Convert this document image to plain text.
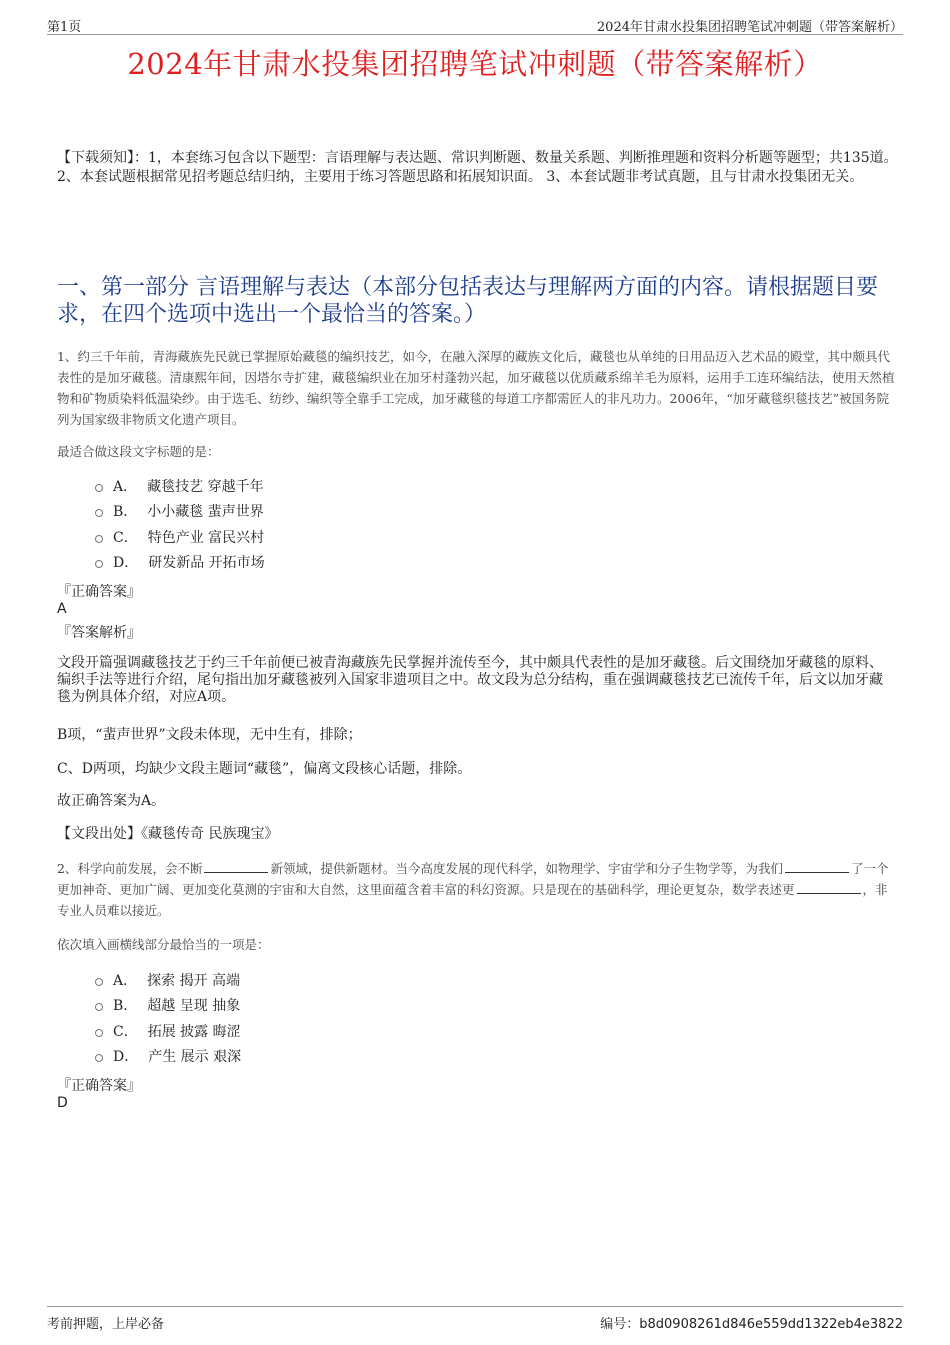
第1页	2024年甘肃水投集团招聘笔试冲刺题（带答案解析）
2024年甘肃水投集团招聘笔试冲刺题（带答案解析）
【下载须知】：1，本套练习包含以下题型：言语理解与表达题、常识判断题、数量关系题、判断推理题和资料分析题等题型；共135道。 2、本套试题根据常见招考题总结归纳，主要用于练习答题思路和拓展知识面。 3、本套试题非考试真题，且与甘肃水投集团无关。
一、第一部分 言语理解与表达（本部分包括表达与理解两方面的内容。请根据题目要求，在四个选项中选出一个最恰当的答案。）
1、约三千年前，青海藏族先民就已掌握原始藏毯的编织技艺，如今，在融入深厚的藏族文化后，藏毯也从单纯的日用品迈入艺术品的殿堂，其中颇具代表性的是加牙藏毯。清康熙年间，因塔尔寺扩建，藏毯编织业在加牙村蓬勃兴起，加牙藏毯以优质藏系绵羊毛为原料，运用手工连环编结法，使用天然植物和矿物质染料低温染纱。由于选毛、纺纱、编织等全靠手工完成，加牙藏毯的每道工序都需匠人的非凡功力。2006年，“加牙藏毯织毯技艺”被国务院列为国家级非物质文化遗产项目。
最适合做这段文字标题的是：
A． 藏毯技艺 穿越千年
B． 小小藏毯 蜚声世界
C． 特色产业 富民兴村
D． 研发新品 开拓市场
『正确答案』
A
『答案解析』
文段开篇强调藏毯技艺于约三千年前便已被青海藏族先民掌握并流传至今，其中颇具代表性的是加牙藏毯。后文围绕加牙藏毯的原料、编织手法等进行介绍，尾句指出加牙藏毯被列入国家非遗项目之中。故文段为总分结构，重在强调藏毯技艺已流传千年，后文以加牙藏毯为例具体介绍，对应A项。
B项，“蜚声世界”文段未体现，无中生有，排除；
C、D两项，均缺少文段主题词“藏毯”，偏离文段核心话题，排除。
故正确答案为A。
【文段出处】《藏毯传奇 民族瑰宝》
2、科学向前发展，会不断	新领域，提供新题材。当今高度发展的现代科学，如物理学、宇宙学和分子生物学等，为我们	了一个更加神奇、更加广阔、更加变化莫测的宇宙和大自然，这里面蕴含着丰富的科幻资源。只是现在的基础科学，理论更复杂，数学表述更	，非专业人员难以接近。
依次填入画横线部分最恰当的一项是：
A． 探索 揭开 高端
B． 超越 呈现 抽象
C． 拓展 披露 晦涩
D． 产生 展示 艰深
『正确答案』
D
考前押题，上岸必备	编号：b8d0908261d846e559dd1322eb4e3822
